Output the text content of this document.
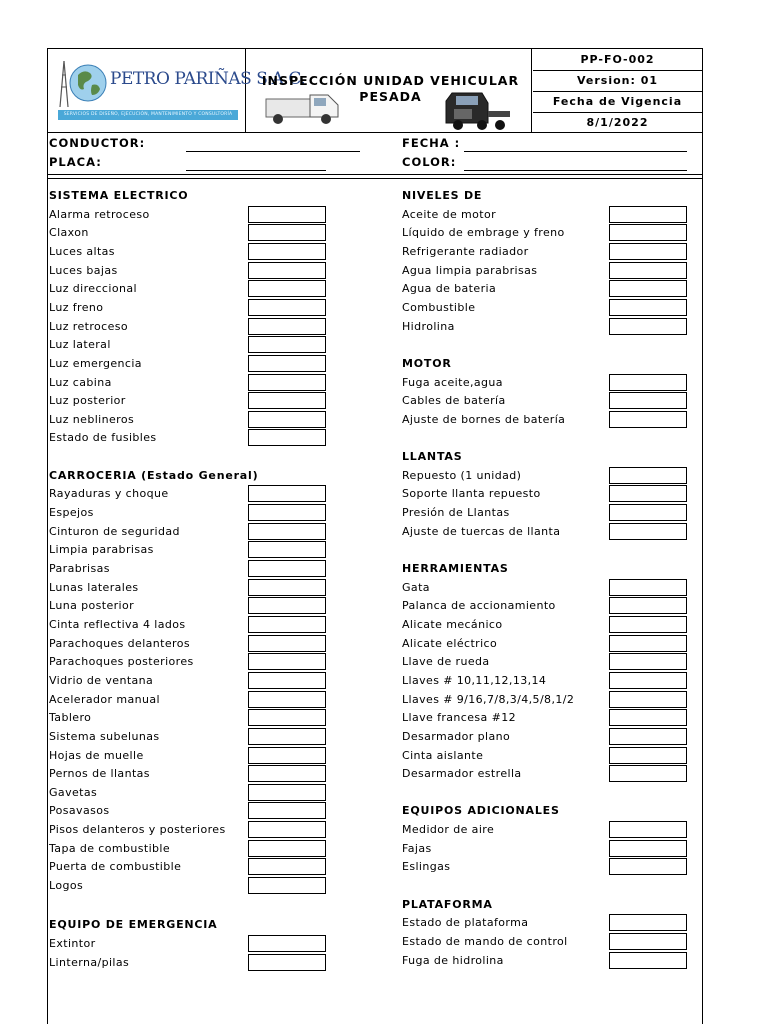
PETRO PARIÑAS S.A.C.
SERVICIOS DE DISEÑO, EJECUCIÓN, MANTENIMIENTO Y CONSULTORÍA
INSPECCIÓN UNIDAD VEHICULAR
PESADA
PP-FO-002
Version: 01
Fecha de Vigencia
8/1/2022
CONDUCTOR:
PLACA:
FECHA :
COLOR:
SISTEMA ELECTRICO
Alarma retroceso
Claxon
Luces altas
Luces bajas
Luz direccional
Luz freno
Luz retroceso
Luz lateral
Luz emergencia
Luz cabina
Luz posterior
Luz neblineros
Estado de fusibles
CARROCERIA (Estado General)
Rayaduras y choque
Espejos
Cinturon de seguridad
Limpia parabrisas
Parabrisas
Lunas laterales
Luna posterior
Cinta reflectiva 4 lados
Parachoques delanteros
Parachoques posteriores
Vidrio de ventana
Acelerador manual
Tablero
Sistema subelunas
Hojas de muelle
Pernos de llantas
Gavetas
Posavasos
Pisos delanteros y posteriores
Tapa de combustible
Puerta de combustible
Logos
EQUIPO DE EMERGENCIA
Extintor
Linterna/pilas
NIVELES DE
Aceite de motor
Líquido de embrage y freno
Refrigerante radiador
Agua limpia parabrisas
Agua de bateria
Combustible
Hidrolina
MOTOR
Fuga aceite,agua
Cables de batería
Ajuste de bornes de batería
LLANTAS
Repuesto (1 unidad)
Soporte llanta repuesto
Presión de Llantas
Ajuste de tuercas de llanta
HERRAMIENTAS
Gata
Palanca de accionamiento
Alicate mecánico
Alicate eléctrico
Llave de rueda
Llaves # 10,11,12,13,14
Llaves # 9/16,7/8,3/4,5/8,1/2
Llave francesa #12
Desarmador plano
Cinta aislante
Desarmador estrella
EQUIPOS ADICIONALES
Medidor de aire
Fajas
Eslingas
PLATAFORMA
Estado de plataforma
Estado de mando de control
Fuga de hidrolina
